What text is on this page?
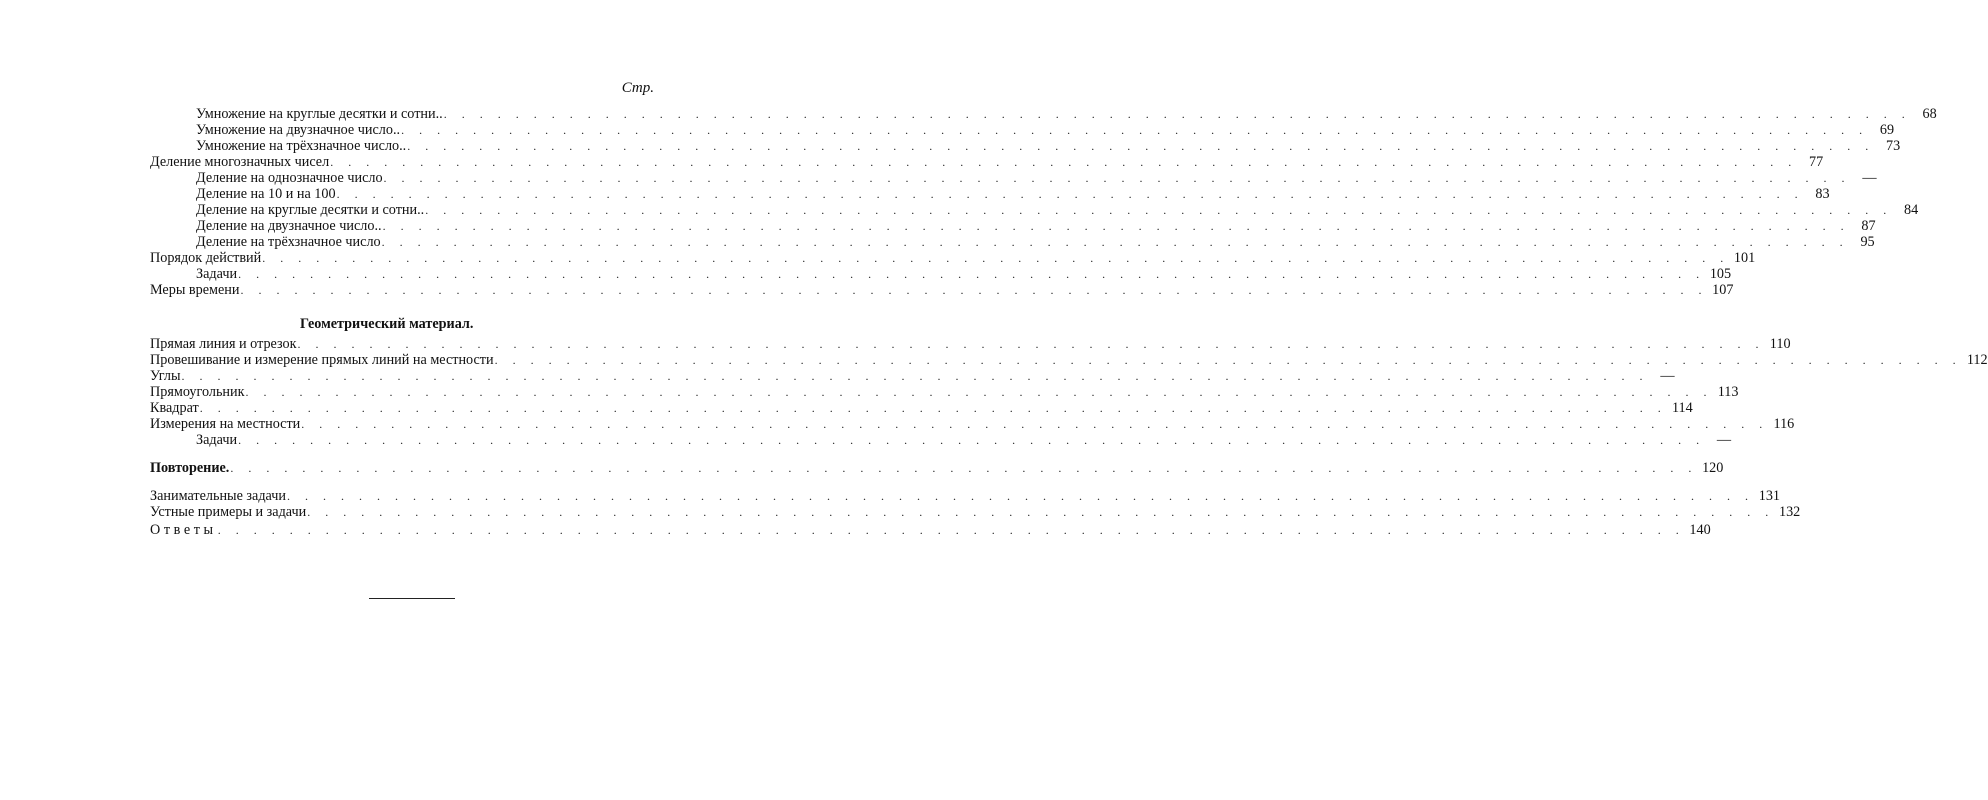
Стр.
Умножение на круглые десятки и сотни.. . . . . . . . . . . . . . . . . . . . . . . . . . . . . . . . . . . . . . . . . . . . . . . . . . . . . . . . . . . . . . . . . . . . . . . . . . . . . . . . . . . 68
Умножение на двузначное число.. . . . . . . . . . . . . . . . . . . . . . . . . . . . . . . . . . . . . . . . . . . . . . . . . . . . . . . . . . . . . . . . . . . . . . . . . . . . . . . . . . . 69
Умножение на трёхзначное число.. . . . . . . . . . . . . . . . . . . . . . . . . . . . . . . . . . . . . . . . . . . . . . . . . . . . . . . . . . . . . . . . . . . . . . . . . . . . . . . . . . . 73
Деление многозначных чисел . . . . . . . . . . . . . . . . . . . . . . . . . . . . . . . . . . . . . . . . . . . . . . . . . . . . . . . . . . . . . . . . . . . . . . . . . . . . . . . . . . 77
Деление на однозначное число . . . . . . . . . . . . . . . . . . . . . . . . . . . . . . . . . . . . . . . . . . . . . . . . . . . . . . . . . . . . . . . . . . . . . . . . . . . . . . . . . . —
Деление на 10 и на 100 . . . . . . . . . . . . . . . . . . . . . . . . . . . . . . . . . . . . . . . . . . . . . . . . . . . . . . . . . . . . . . . . . . . . . . . . . . . . . . . . . . 83
Деление на круглые десятки и сотни.. . . . . . . . . . . . . . . . . . . . . . . . . . . . . . . . . . . . . . . . . . . . . . . . . . . . . . . . . . . . . . . . . . . . . . . . . . . . . . . . . . . 84
Деление на двузначное число.. . . . . . . . . . . . . . . . . . . . . . . . . . . . . . . . . . . . . . . . . . . . . . . . . . . . . . . . . . . . . . . . . . . . . . . . . . . . . . . . . . . 87
Деление на трёхзначное число . . . . . . . . . . . . . . . . . . . . . . . . . . . . . . . . . . . . . . . . . . . . . . . . . . . . . . . . . . . . . . . . . . . . . . . . . . . . . . . . . . 95
Порядок действий . . . . . . . . . . . . . . . . . . . . . . . . . . . . . . . . . . . . . . . . . . . . . . . . . . . . . . . . . . . . . . . . . . . . . . . . . . . . . . . . . . 101
Задачи . . . . . . . . . . . . . . . . . . . . . . . . . . . . . . . . . . . . . . . . . . . . . . . . . . . . . . . . . . . . . . . . . . . . . . . . . . . . . . . . . . 105
Меры времени . . . . . . . . . . . . . . . . . . . . . . . . . . . . . . . . . . . . . . . . . . . . . . . . . . . . . . . . . . . . . . . . . . . . . . . . . . . . . . . . . . 107
Геометрический материал.
Прямая линия и отрезок . . . . . . . . . . . . . . . . . . . . . . . . . . . . . . . . . . . . . . . . . . . . . . . . . . . . . . . . . . . . . . . . . . . . . . . . . . . . . . . . . . 110
Провешивание и измерение прямых линий на местности . . . . . . . . . . . . . . . . . . . . . . . . . . . . . . . . . . . . . . . . . . . . . . . . . . . . . . . . . . . . . . . . . . . . . . . . . . . . . . . . . . 112
Углы . . . . . . . . . . . . . . . . . . . . . . . . . . . . . . . . . . . . . . . . . . . . . . . . . . . . . . . . . . . . . . . . . . . . . . . . . . . . . . . . . . —
Прямоугольник . . . . . . . . . . . . . . . . . . . . . . . . . . . . . . . . . . . . . . . . . . . . . . . . . . . . . . . . . . . . . . . . . . . . . . . . . . . . . . . . . . 113
Квадрат . . . . . . . . . . . . . . . . . . . . . . . . . . . . . . . . . . . . . . . . . . . . . . . . . . . . . . . . . . . . . . . . . . . . . . . . . . . . . . . . . . 114
Измерения на местности . . . . . . . . . . . . . . . . . . . . . . . . . . . . . . . . . . . . . . . . . . . . . . . . . . . . . . . . . . . . . . . . . . . . . . . . . . . . . . . . . . 116
Задачи . . . . . . . . . . . . . . . . . . . . . . . . . . . . . . . . . . . . . . . . . . . . . . . . . . . . . . . . . . . . . . . . . . . . . . . . . . . . . . . . . . —
Повторение. . . . . . . . . . . . . . . . . . . . . . . . . . . . . . . . . . . . . . . . . . . . . . . . . . . . . . . . . . . . . . . . . . . . . . . . . . . . . . . . . . . 120
Занимательные задачи . . . . . . . . . . . . . . . . . . . . . . . . . . . . . . . . . . . . . . . . . . . . . . . . . . . . . . . . . . . . . . . . . . . . . . . . . . . . . . . . . . 131
Устные примеры и задачи . . . . . . . . . . . . . . . . . . . . . . . . . . . . . . . . . . . . . . . . . . . . . . . . . . . . . . . . . . . . . . . . . . . . . . . . . . . . . . . . . . 132
Ответы . . . . . . . . . . . . . . . . . . . . . . . . . . . . . . . . . . . . . . . . . . . . . . . . . . . . . . . . . . . . . . . . . . . . . . . . . . . . . . . . . . 140
